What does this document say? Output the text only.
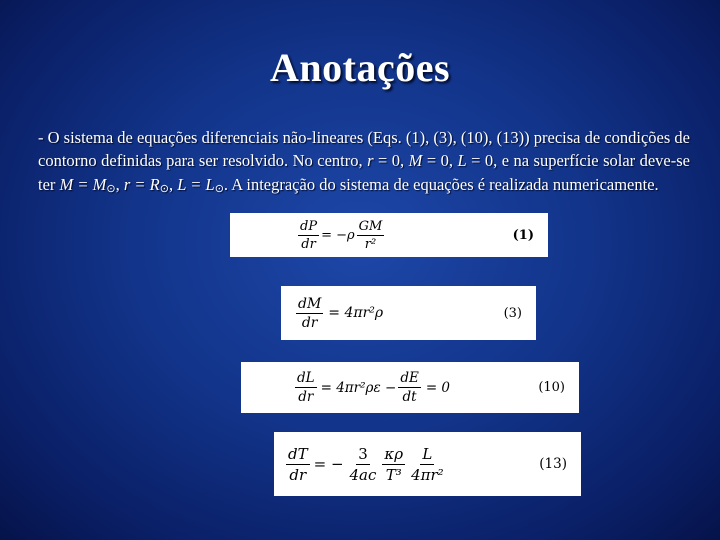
Anotações
- O sistema de equações diferenciais não-lineares (Eqs. (1), (3), (10), (13)) precisa de condições de contorno definidas para ser resolvido. No centro, r = 0, M = 0, L = 0, e na superfície solar deve-se ter M = M⊙, r = R⊙, L = L⊙. A integração do sistema de equações é realizada numericamente.
$\frac{dP}{dr} = -\rho \frac{GM}{\text{r²}}$	(1)
$\frac{dM}{dr} = 4\pi r^2\rho$	(3)
$\frac{dL}{dr} = 4\pi r^2\rho\varepsilon - \frac{dE}{dt} = 0$	(10)
$\frac{dT}{dr}$ = − $\frac{3}{4ac} \frac{\kappa\rho}{\text{T³}} \frac{L}{\text{4πr²}}$	(13)
